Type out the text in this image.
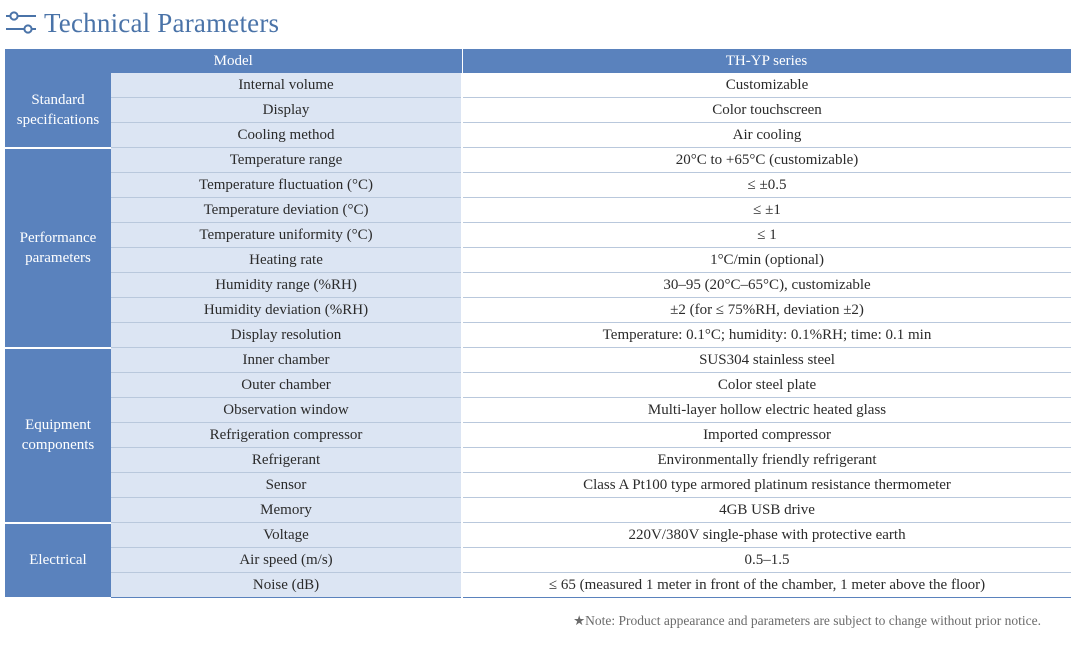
Technical Parameters
Model		TH-YP series
Standard specifications	Internal volume	Customizable
	Display	Color touchscreen
	Cooling method	Air cooling
Performance parameters	Temperature range	20°C to +65°C (customizable)
	Temperature fluctuation (°C)	≤ ±0.5
	Temperature deviation (°C)	≤ ±1
	Temperature uniformity (°C)	≤ 1
	Heating rate	1°C/min (optional)
	Humidity range (%RH)	30–95 (20°C–65°C), customizable
	Humidity deviation (%RH)	±2 (for ≤ 75%RH, deviation ±2)
	Display resolution	Temperature: 0.1°C; humidity: 0.1%RH; time: 0.1 min
Equipment components	Inner chamber	SUS304 stainless steel
	Outer chamber	Color steel plate
	Observation window	Multi-layer hollow electric heated glass
	Refrigeration compressor	Imported compressor
	Refrigerant	Environmentally friendly refrigerant
	Sensor	Class A Pt100 type armored platinum resistance thermometer
	Memory	4GB USB drive
Electrical	Voltage	220V/380V single-phase with protective earth
	Air speed (m/s)	0.5–1.5
	Noise (dB)	≤ 65 (measured 1 meter in front of the chamber, 1 meter above the floor)
★Note: Product appearance and parameters are subject to change without prior notice.
